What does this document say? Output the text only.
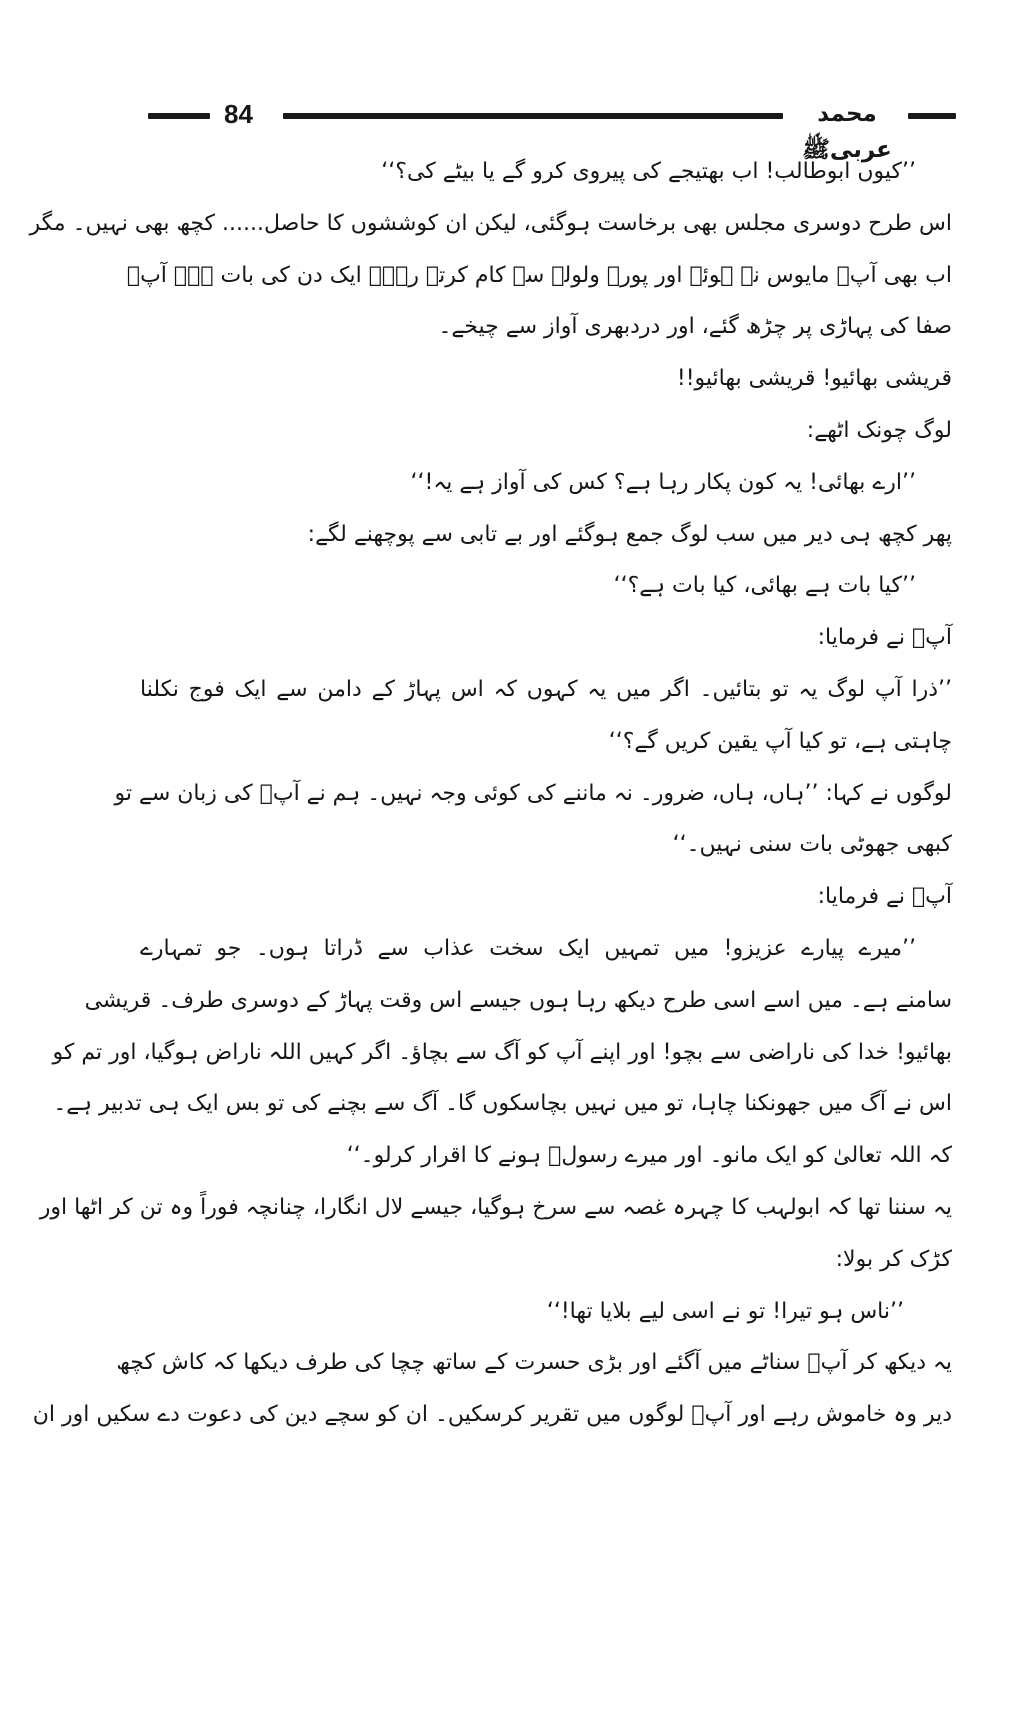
84	محمد عربیﷺ
’’کیوں ابوطالب! اب بھتیجے کی پیروی کرو گے یا بیٹے کی؟‘‘
اس طرح دوسری مجلس بھی برخاست ہوگئی، لیکن ان کوششوں کا حاصل...... کچھ بھی نہیں۔ مگر
اب بھی آپؐ مایوس نہ ہوئے اور پورے ولولہ سے کام کرتے رہے۔ ایک دن کی بات ہے۔ آپؐ
صفا کی پہاڑی پر چڑھ گئے، اور دردبھری آواز سے چیخے۔
قریشی بھائیو! قریشی بھائیو!!
لوگ چونک اٹھے:
’’ارے بھائی! یہ کون پکار رہا ہے؟ کس کی آواز ہے یہ!‘‘
پھر کچھ ہی دیر میں سب لوگ جمع ہوگئے اور بے تابی سے پوچھنے لگے:
’’کیا بات ہے بھائی، کیا بات ہے؟‘‘
آپؐ نے فرمایا:
’’ذرا آپ لوگ یہ تو بتائیں۔ اگر میں یہ کہوں کہ اس پہاڑ کے دامن سے ایک فوج نکلنا
چاہتی ہے، تو کیا آپ یقین کریں گے؟‘‘
لوگوں نے کہا: ’’ہاں، ہاں، ضرور۔ نہ ماننے کی کوئی وجہ نہیں۔ ہم نے آپؐ کی زبان سے تو
کبھی جھوٹی بات سنی نہیں۔‘‘
آپؐ نے فرمایا:
’’میرے پیارے عزیزو! میں تمہیں ایک سخت عذاب سے ڈراتا ہوں۔ جو تمہارے
سامنے ہے۔ میں اسے اسی طرح دیکھ رہا ہوں جیسے اس وقت پہاڑ کے دوسری طرف۔ قریشی
بھائیو! خدا کی ناراضی سے بچو! اور اپنے آپ کو آگ سے بچاؤ۔ اگر کہیں اللہ ناراض ہوگیا، اور تم کو
اس نے آگ میں جھونکنا چاہا، تو میں نہیں بچاسکوں گا۔ آگ سے بچنے کی تو بس ایک ہی تدبیر ہے۔
کہ اللہ تعالیٰ کو ایک مانو۔ اور میرے رسولؐ ہونے کا اقرار کرلو۔‘‘
یہ سننا تھا کہ ابولہب کا چہرہ غصہ سے سرخ ہوگیا، جیسے لال انگارا، چنانچہ فوراً وہ تن کر اٹھا اور
کڑک کر بولا:
’’ناس ہو تیرا! تو نے اسی لیے بلایا تھا!‘‘
یہ دیکھ کر آپؐ سناٹے میں آگئے اور بڑی حسرت کے ساتھ چچا کی طرف دیکھا کہ کاش کچھ
دیر وہ خاموش رہے اور آپؐ لوگوں میں تقریر کرسکیں۔ ان کو سچے دین کی دعوت دے سکیں اور ان
